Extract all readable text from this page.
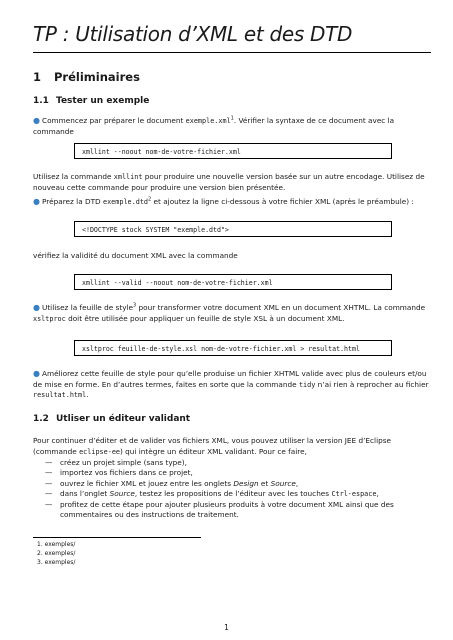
TP : Utilisation d’XML et des DTD
1 Préliminaires
1.1 Tester un exemple

● Commencez par préparer le document exemple.xml$^1$. Vérifier la syntaxe de ce document avec la commande

xmllint --noout nom-de-votre-fichier.xml

Utilisez la commande xmllint pour produire une nouvelle version basée sur un autre encodage. Utilisez de nouveau cette commande pour produire une version bien présentée.

● Préparez la DTD exemple.dtd$^2$ et ajoutez la ligne ci-dessous à votre fichier XML (après le préambule) :

<!DOCTYPE stock SYSTEM "exemple.dtd">

vérifiez la validité du document XML avec la commande

xmllint --valid --noout nom-de-votre-fichier.xml

● Utilisez la feuille de style$^3$ pour transformer votre document XML en un document XHTML. La commande xsltproc doit être utilisée pour appliquer un feuille de style XSL à un document XML.

xsltproc feuille-de-style.xsl nom-de-votre-fichier.xml > resultat.html

● Améliorez cette feuille de style pour qu’elle produise un fichier XHTML valide avec plus de couleurs et/ou de mise en forme. En d’autres termes, faites en sorte que la commande tidy n’ai rien à reprocher au fichier resultat.html.

1.2 Utliser un éditeur validant

Pour continuer d’éditer et de valider vos fichiers XML, vous pouvez utiliser la version JEE d’Eclipse (commande eclipse-ee) qui intègre un éditeur XML validant. Pour ce faire,

— créez un projet simple (sans type),
— importez vos fichiers dans ce projet,
— ouvrez le fichier XML et jouez entre les onglets Design et Source,
— dans l’onglet Source, testez les propositions de l’éditeur avec les touches Ctrl-espace,
— profitez de cette étape pour ajouter plusieurs produits à votre document XML ainsi que des commentaires ou des instructions de traitement.
1. exemples/
2. exemples/
3. exemples/
1
